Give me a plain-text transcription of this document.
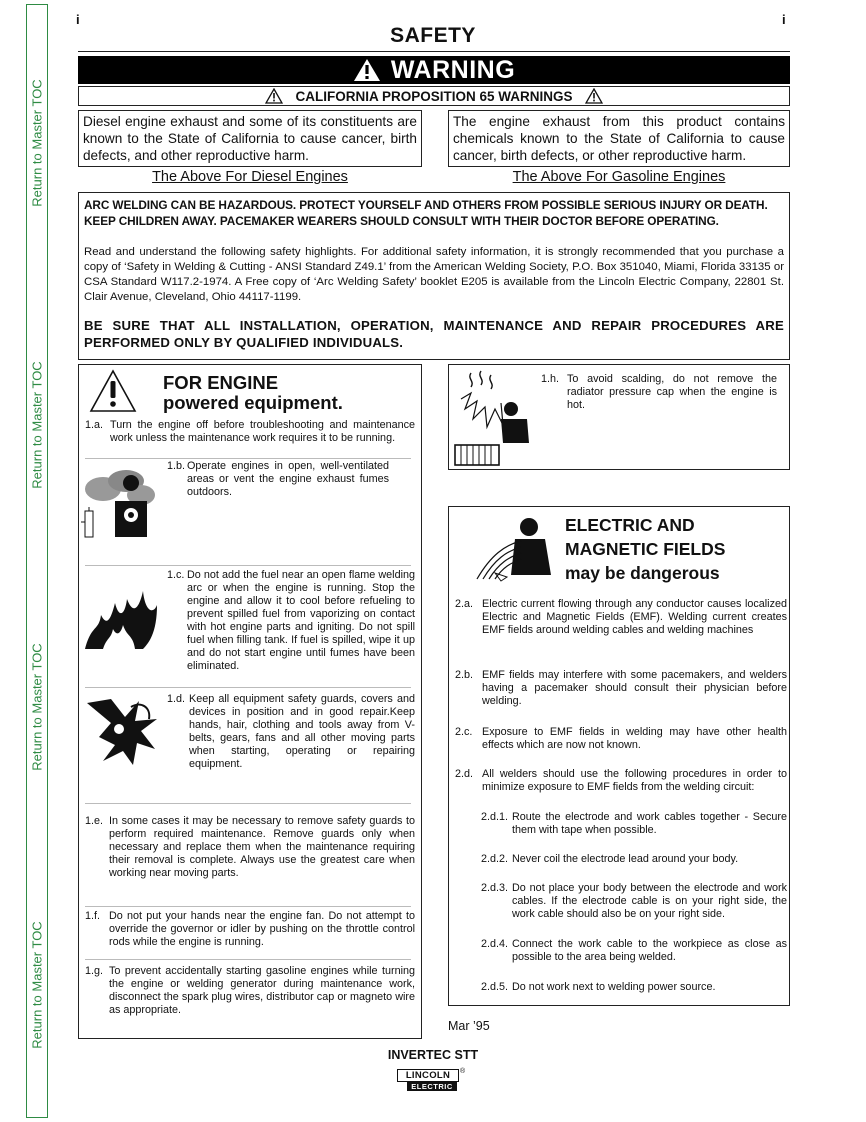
Return to Master TOC
Return to Master TOC
Return to Master TOC
Return to Master TOC
i	i
SAFETY
WARNING
CALIFORNIA PROPOSITION 65 WARNINGS
Diesel engine exhaust and some of its constituents are known to the State of California to cause cancer, birth defects, and other reproductive harm.
The engine exhaust from this product contains chemicals known to the State of California to cause cancer, birth defects, or other reproductive harm.
The Above For Diesel Engines	The Above For Gasoline Engines
ARC WELDING CAN BE HAZARDOUS. PROTECT YOURSELF AND OTHERS FROM POSSIBLE SERIOUS INJURY OR DEATH. KEEP CHILDREN AWAY. PACEMAKER WEARERS SHOULD CONSULT WITH THEIR DOCTOR BEFORE OPERATING.
Read and understand the following safety highlights. For additional safety information, it is strongly recommended that you purchase a copy of ‘Safety in Welding & Cutting - ANSI Standard Z49.1’ from the American Welding Society, P.O. Box 351040, Miami, Florida 33135 or CSA Standard W117.2-1974. A Free copy of ‘Arc Welding Safety’ booklet E205 is available from the Lincoln Electric Company, 22801 St. Clair Avenue, Cleveland, Ohio 44117-1199.
BE SURE THAT ALL INSTALLATION, OPERATION, MAINTENANCE AND REPAIR PROCEDURES ARE PERFORMED ONLY BY QUALIFIED INDIVIDUALS.
FOR ENGINE
powered equipment.
1.a. Turn the engine off before troubleshooting and maintenance work unless the maintenance work requires it to be running.
1.b. Operate engines in open, well-ventilated areas or vent the engine exhaust fumes outdoors.
1.c. Do not add the fuel near an open flame welding arc or when the engine is running. Stop the engine and allow it to cool before refueling to prevent spilled fuel from vaporizing on contact with hot engine parts and igniting. Do not spill fuel when filling tank. If fuel is spilled, wipe it up and do not start engine until fumes have been eliminated.
1.d. Keep all equipment safety guards, covers and devices in position and in good repair.Keep hands, hair, clothing and tools away from V-belts, gears, fans and all other moving parts when starting, operating or repairing equipment.
1.e. In some cases it may be necessary to remove safety guards to perform required maintenance. Remove guards only when necessary and replace them when the maintenance requiring their removal is complete. Always use the greatest care when working near moving parts.
1.f. Do not put your hands near the engine fan. Do not attempt to override the governor or idler by pushing on the throttle control rods while the engine is running.
1.g. To prevent accidentally starting gasoline engines while turning the engine or welding generator during maintenance work, disconnect the spark plug wires, distributor cap or magneto wire as appropriate.
1.h. To avoid scalding, do not remove the radiator pressure cap when the engine is hot.
ELECTRIC AND
MAGNETIC FIELDS
may be dangerous
2.a. Electric current flowing through any conductor causes localized Electric and Magnetic Fields (EMF). Welding current creates EMF fields around welding cables and welding machines
2.b. EMF fields may interfere with some pacemakers, and welders having a pacemaker should consult their physician before welding.
2.c. Exposure to EMF fields in welding may have other health effects which are now not known.
2.d. All welders should use the following procedures in order to minimize exposure to EMF fields from the welding circuit:
2.d.1. Route the electrode and work cables together - Secure them with tape when possible.
2.d.2. Never coil the electrode lead around your body.
2.d.3. Do not place your body between the electrode and work cables. If the electrode cable is on your right side, the work cable should also be on your right side.
2.d.4. Connect the work cable to the workpiece as close as possible to the area being welded.
2.d.5. Do not work next to welding power source.
Mar ’95
INVERTEC STT
LINCOLN
ELECTRIC
®
